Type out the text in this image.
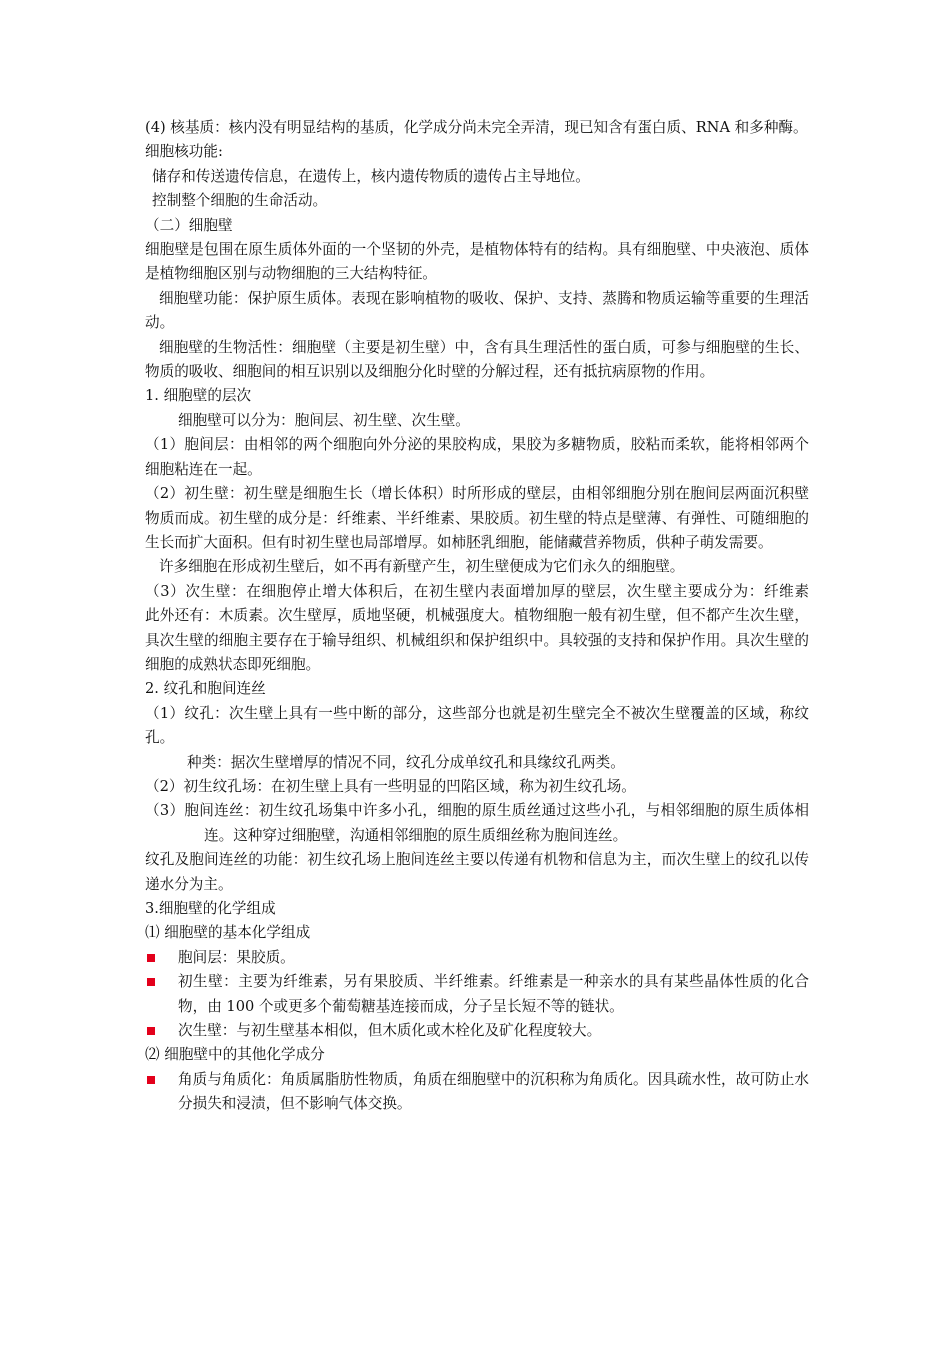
(4) 核基质：核内没有明显结构的基质，化学成分尚未完全弄清，现已知含有蛋白质、RNA 和多种酶。

细胞核功能:

储存和传送遗传信息，在遗传上，核内遗传物质的遗传占主导地位。

控制整个细胞的生命活动。

（二）细胞壁

细胞壁是包围在原生质体外面的一个坚韧的外壳，是植物体特有的结构。具有细胞壁、中央液泡、质体是植物细胞区别与动物细胞的三大结构特征。

细胞壁功能：保护原生质体。表现在影响植物的吸收、保护、支持、蒸腾和物质运输等重要的生理活动。

细胞壁的生物活性：细胞壁（主要是初生壁）中，含有具生理活性的蛋白质，可参与细胞壁的生长、物质的吸收、细胞间的相互识别以及细胞分化时壁的分解过程，还有抵抗病原物的作用。

1. 细胞壁的层次

细胞壁可以分为：胞间层、初生壁、次生壁。

（1）胞间层：由相邻的两个细胞向外分泌的果胶构成，果胶为多糖物质，胶粘而柔软，能将相邻两个细胞粘连在一起。

（2）初生壁：初生壁是细胞生长（增长体积）时所形成的壁层，由相邻细胞分别在胞间层两面沉积壁物质而成。初生壁的成分是：纤维素、半纤维素、果胶质。初生壁的特点是壁薄、有弹性、可随细胞的生长而扩大面积。但有时初生壁也局部增厚。如柿胚乳细胞，能储藏营养物质，供种子萌发需要。

许多细胞在形成初生壁后，如不再有新壁产生，初生壁便成为它们永久的细胞壁。

（3）次生壁：在细胞停止增大体积后，在初生壁内表面增加厚的壁层，次生壁主要成分为：纤维素　此外还有：木质素。次生壁厚，质地坚硬，机械强度大。植物细胞一般有初生壁，但不都产生次生壁，具次生壁的细胞主要存在于输导组织、机械组织和保护组织中。具较强的支持和保护作用。具次生壁的细胞的成熟状态即死细胞。

2. 纹孔和胞间连丝

（1）纹孔：次生壁上具有一些中断的部分，这些部分也就是初生壁完全不被次生壁覆盖的区域，称纹孔。

种类：据次生壁增厚的情况不同，纹孔分成单纹孔和具缘纹孔两类。

（2）初生纹孔场：在初生壁上具有一些明显的凹陷区域，称为初生纹孔场。

（3）胞间连丝：初生纹孔场集中许多小孔，细胞的原生质丝通过这些小孔，与相邻细胞的原生质体相连。这种穿过细胞壁，沟通相邻细胞的原生质细丝称为胞间连丝。

纹孔及胞间连丝的功能：初生纹孔场上胞间连丝主要以传递有机物和信息为主，而次生壁上的纹孔以传递水分为主。

3.细胞壁的化学组成

⑴ 细胞壁的基本化学组成

胞间层：果胶质。
初生壁：主要为纤维素，另有果胶质、半纤维素。纤维素是一种亲水的具有某些晶体性质的化合物，由 100 个或更多个葡萄糖基连接而成，分子呈长短不等的链状。
次生壁：与初生壁基本相似，但木质化或木栓化及矿化程度较大。

⑵ 细胞壁中的其他化学成分

角质与角质化：角质属脂肪性物质，角质在细胞壁中的沉积称为角质化。因具疏水性，故可防止水分损失和浸渍，但不影响气体交换。
